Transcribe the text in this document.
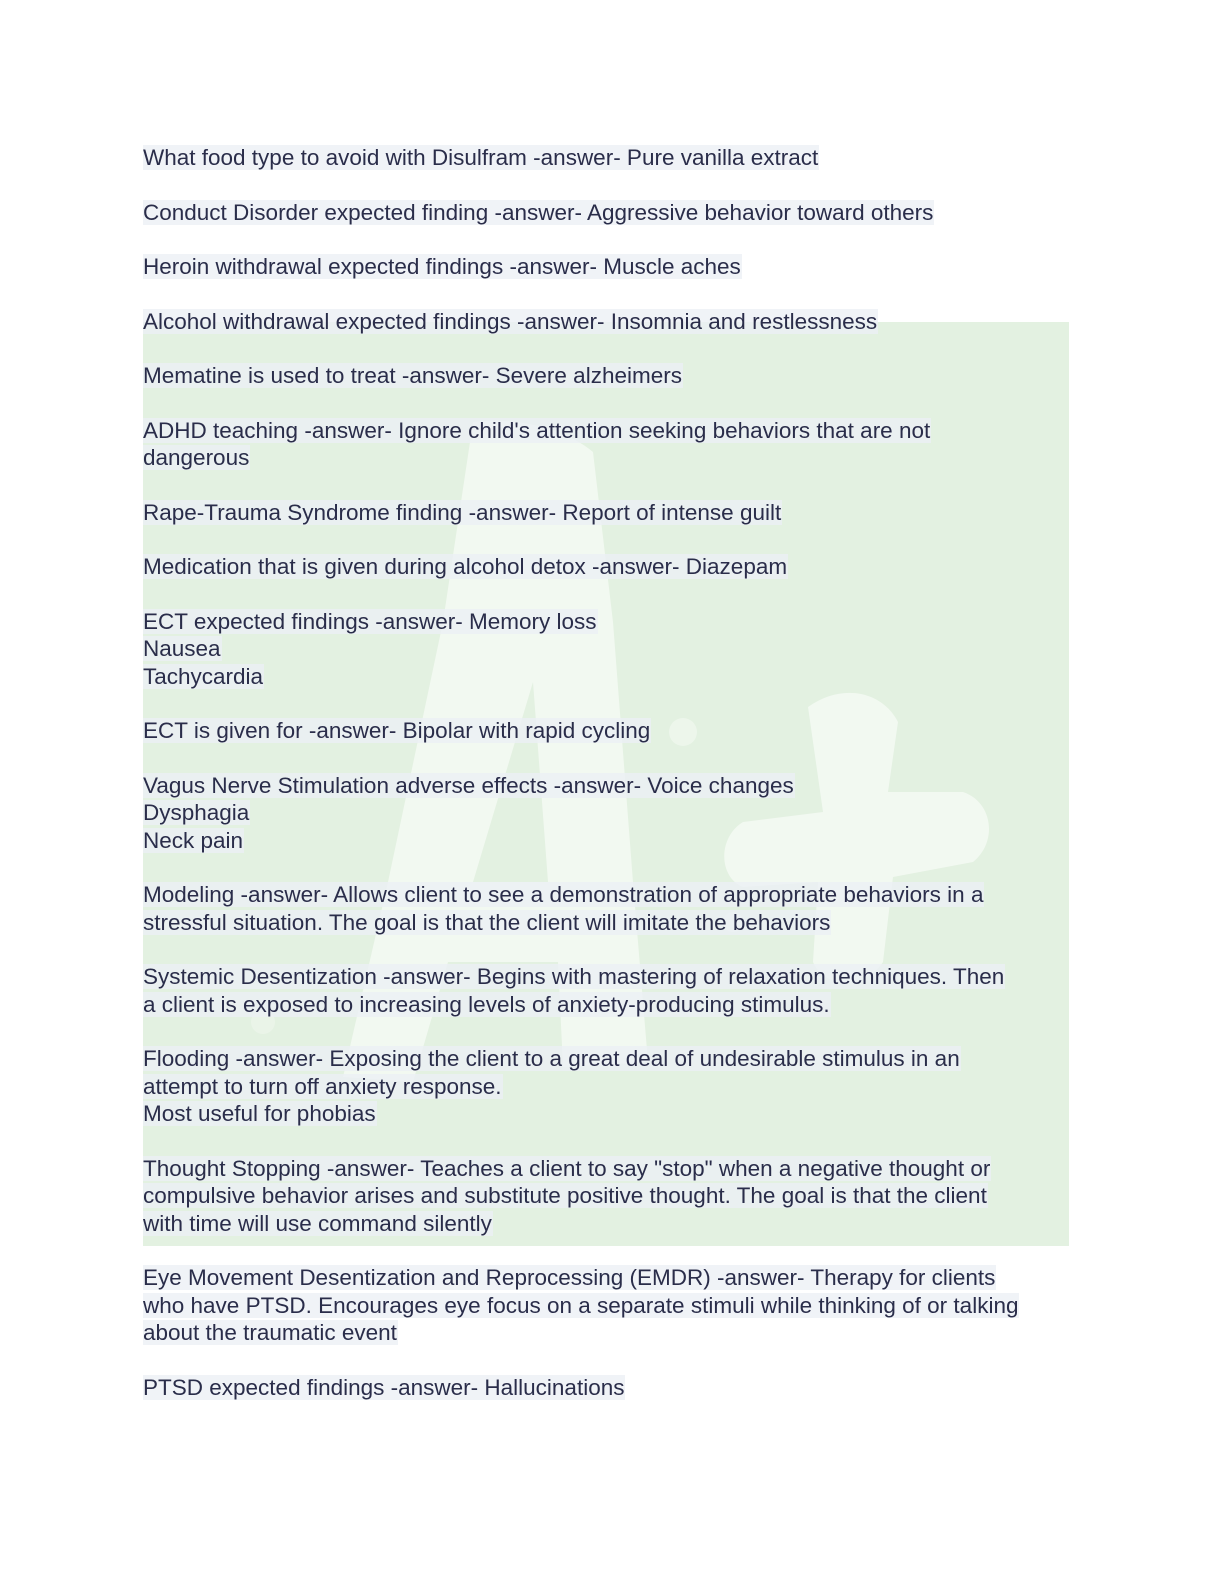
What food type to avoid with Disulfram -answer- Pure vanilla extract
Conduct Disorder expected finding -answer- Aggressive behavior toward others
Heroin withdrawal expected findings -answer- Muscle aches
Alcohol withdrawal expected findings -answer- Insomnia and restlessness
Mematine is used to treat -answer- Severe alzheimers
ADHD teaching -answer- Ignore child's attention seeking behaviors that are not
dangerous
Rape-Trauma Syndrome finding -answer- Report of intense guilt
Medication that is given during alcohol detox -answer- Diazepam
ECT expected findings -answer- Memory loss
Nausea
Tachycardia
ECT is given for -answer- Bipolar with rapid cycling
Vagus Nerve Stimulation adverse effects -answer- Voice changes
Dysphagia
Neck pain
Modeling -answer- Allows client to see a demonstration of appropriate behaviors in a
stressful situation. The goal is that the client will imitate the behaviors
Systemic Desentization -answer- Begins with mastering of relaxation techniques. Then
a client is exposed to increasing levels of anxiety-producing stimulus.
Flooding -answer- Exposing the client to a great deal of undesirable stimulus in an
attempt to turn off anxiety response.
Most useful for phobias
Thought Stopping -answer- Teaches a client to say "stop" when a negative thought or
compulsive behavior arises and substitute positive thought. The goal is that the client
with time will use command silently
Eye Movement Desentization and Reprocessing (EMDR) -answer- Therapy for clients
who have PTSD. Encourages eye focus on a separate stimuli while thinking of or talking
about the traumatic event
PTSD expected findings -answer- Hallucinations
